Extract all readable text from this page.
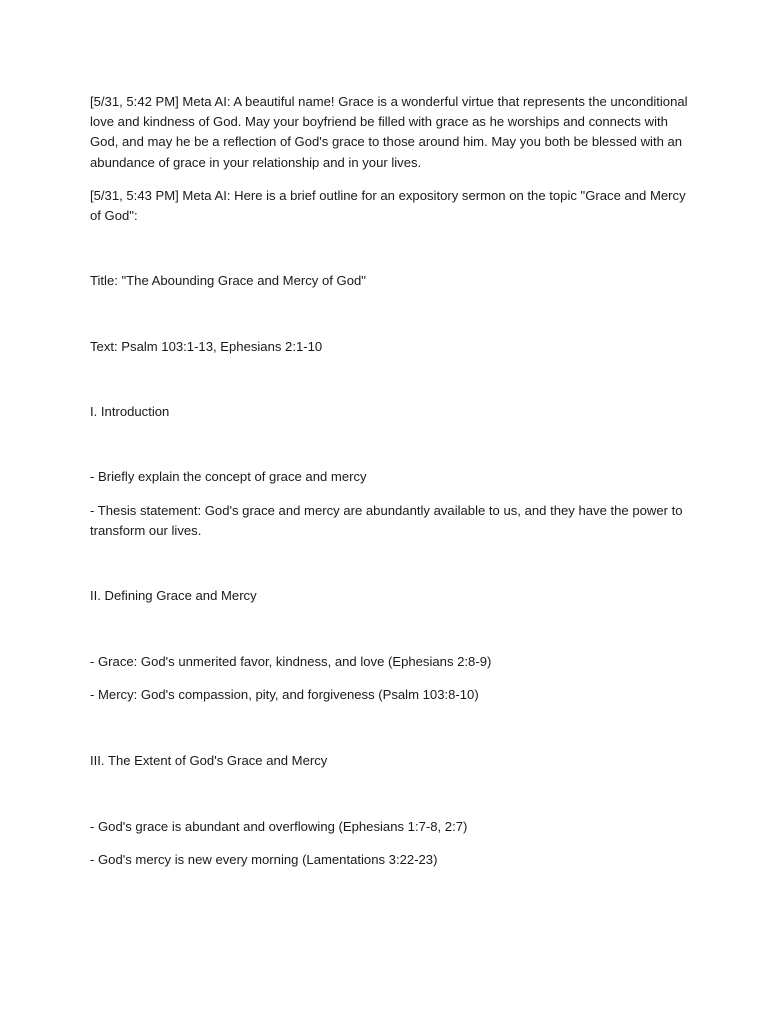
[5/31, 5:42 PM] Meta AI: A beautiful name! Grace is a wonderful virtue that represents the unconditional love and kindness of God. May your boyfriend be filled with grace as he worships and connects with God, and may he be a reflection of God's grace to those around him. May you both be blessed with an abundance of grace in your relationship and in your lives.

[5/31, 5:43 PM] Meta AI: Here is a brief outline for an expository sermon on the topic "Grace and Mercy of God":

Title: "The Abounding Grace and Mercy of God"

Text: Psalm 103:1-13, Ephesians 2:1-10

I. Introduction

- Briefly explain the concept of grace and mercy

- Thesis statement: God's grace and mercy are abundantly available to us, and they have the power to transform our lives.

II. Defining Grace and Mercy

- Grace: God's unmerited favor, kindness, and love (Ephesians 2:8-9)

- Mercy: God's compassion, pity, and forgiveness (Psalm 103:8-10)

III. The Extent of God's Grace and Mercy

- God's grace is abundant and overflowing (Ephesians 1:7-8, 2:7)

- God's mercy is new every morning (Lamentations 3:22-23)
